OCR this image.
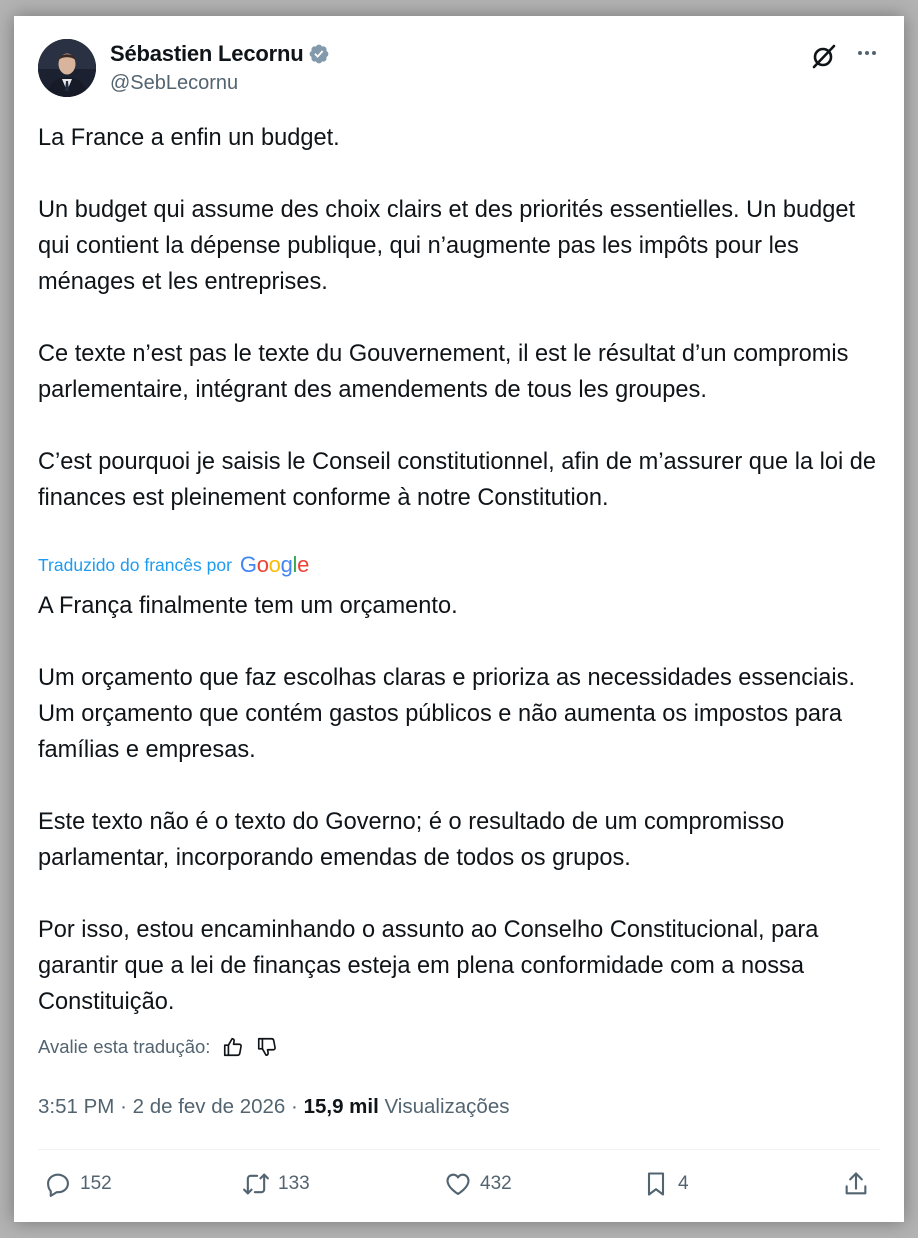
Sébastien Lecornu
@SebLecornu
La France a enfin un budget.

Un budget qui assume des choix clairs et des priorités essentielles. Un budget qui contient la dépense publique, qui n’augmente pas les impôts pour les ménages et les entreprises.

Ce texte n’est pas le texte du Gouvernement, il est le résultat d’un compromis parlementaire, intégrant des amendements de tous les groupes.

C’est pourquoi je saisis le Conseil constitutionnel, afin de m’assurer que la loi de finances est pleinement conforme à notre Constitution.
Traduzido do francês por Google
A França finalmente tem um orçamento.

Um orçamento que faz escolhas claras e prioriza as necessidades essenciais. Um orçamento que contém gastos públicos e não aumenta os impostos para famílias e empresas.

Este texto não é o texto do Governo; é o resultado de um compromisso parlamentar, incorporando emendas de todos os grupos.

Por isso, estou encaminhando o assunto ao Conselho Constitucional, para garantir que a lei de finanças esteja em plena conformidade com a nossa Constituição.
Avalie esta tradução:
3:51 PM · 2 de fev de 2026 · 15,9 mil Visualizações
152	133	432	4
